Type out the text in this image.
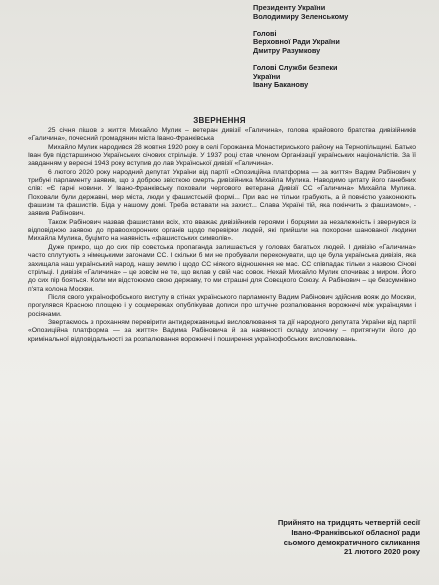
Президенту України
Володимиру Зеленському
Голові
Верховної Ради України
Дмитру Разумкову
Голові Служби безпеки
України
Івану Баканову
ЗВЕРНЕННЯ

25 січня пішов з життя Михайло Мулик – ветеран дивізії «Галичина», голова крайового братства дивізійників «Галичина», почесний громадянин міста Івано-Франківська

Михайло Мулик народився 28 жовтня 1920 року в селі Горожанка Монастириського району на Тернопільщині. Батько Іван був підстаршиною Українських січових стрільців. У 1937 році став членом Організації українських націоналістів. За її завданням у вересні 1943 року вступив до лав Української дивізії «Галичина».

6 лютого 2020 року народний депутат України від партії «Опозиційна платформа — за життя» Вадим Рабінович у трибуні парламенту заявив, що з доброю звісткою смерть дивізійника Михайла Мулика. Наводимо цитату його ганебних слів: «Є гарні новини. У Івано-Франківську поховали чергового ветерана Дивізії СС «Галичина» Михайла Мулика. Поховали були державні, мер міста, люди у фашистській формі... При вас не тільки грабують, а й повністю узаконюють фашизм та фашистів. Біда у нашому домі. Треба вставати на захист... Слава Україні тій, яка покінчить з фашизмом», - заявив Рабінович.

Також Рабінович назвав фашистами всіх, хто вважає дивізійників героями і борцями за незалежність і звернувся із відповідною заявою до правоохоронних органів щодо перевірки людей, які прийшли на похорони шанованої людини Михайла Мулика, буцімто на наявність «фашистських символів».

Дуже прикро, що до сих пір совєтська пропаганда залишається у головах багатьох людей. І дивізію «Галичина» часто сплутують з німецькими загонами СС. І скільки б ми не пробували переконувати, що це була українська дивізія, яка захищала наш український народ, нашу землю і щодо СС ніякого відношення не мас. СС співпадає тільки з назвою Січові стрільці. І дивізія «Галичина» – це зовсім не те, що вклав у свій час совок. Нехай Михайло Мулик спочиває з миром. Його до сих пір бояться. Коли ми відстоюємо свою державу, то ми страшні для Совєцкого Союзу. А Рабінович – це безсумнівно п'ята колона Москви.

Після свого українофобського виступу в стінах українського парламенту Вадим Рабінович здійснив вояж до Москви, прогулявся Красною площею і у соцмережах опублікував дописи про штучне розпалювання ворожнечі між українцями і росіянами.

Звертаємось з проханням перевірити антидержавницькі висловлювання та дії народного депутата України від партії «Опозиційна платформа — за життя» Вадима Рабіновича й за наявності складу злочину – притягнути його до кримінальної відповідальності за розпалювання ворожнечі і поширення українофобських висловлювань.

Прийнято на тридцять четвертій сесії
Івано-Франківської обласної ради
сьомого демократичного скликання
21 лютого 2020 року
